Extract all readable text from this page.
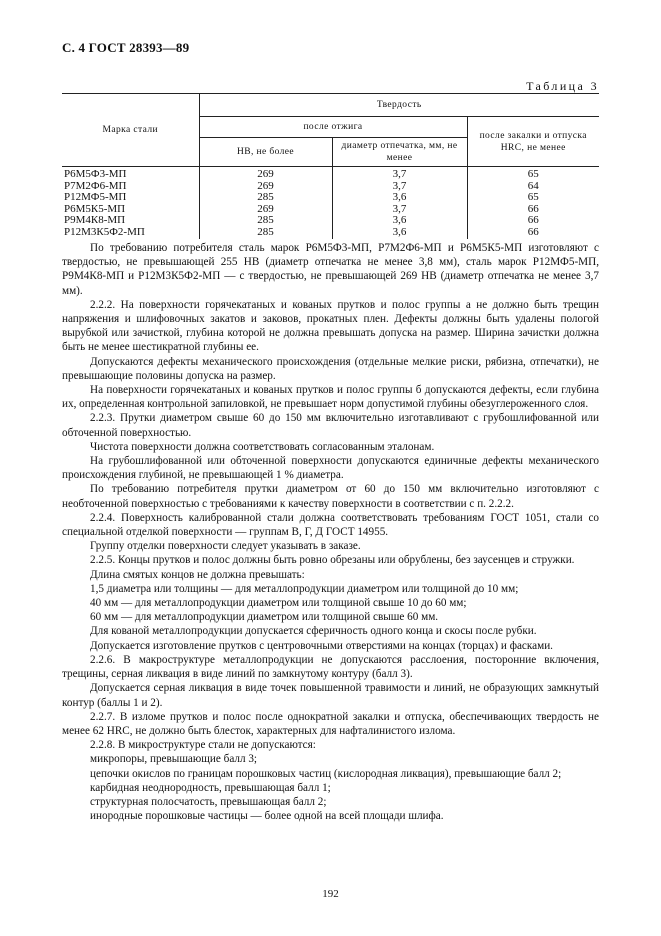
С. 4 ГОСТ 28393—89
Таблица 3
Марка стали	Твердость		
	после отжига		после закалки и отпуска HRC, не менее
	HB, не более	диаметр отпечатка, мм, не менее	
Р6М5Ф3-МП	269	3,7	65
Р7М2Ф6-МП	269	3,7	64
Р12МФ5-МП	285	3,6	65
Р6М5К5-МП	269	3,7	66
Р9М4К8-МП	285	3,6	66
Р12М3К5Ф2-МП	285	3,6	66

По требованию потребителя сталь марок Р6М5Ф3-МП, Р7М2Ф6-МП и Р6М5К5-МП изготовляют с твердостью, не превышающей 255 НВ (диаметр отпечатка не менее 3,8 мм), сталь марок Р12МФ5-МП, Р9М4К8-МП и Р12М3К5Ф2-МП — с твердостью, не превышающей 269 НВ (диаметр отпечатка не менее 3,7 мм).

2.2.2. На поверхности горячекатаных и кованых прутков и полос группы а не должно быть трещин напряжения и шлифовочных закатов и заковов, прокатных плен. Дефекты должны быть удалены пологой вырубкой или зачисткой, глубина которой не должна превышать допуска на размер. Ширина зачистки должна быть не менее шестикратной глубины ее.

Допускаются дефекты механического происхождения (отдельные мелкие риски, рябизна, отпечатки), не превышающие половины допуска на размер.

На поверхности горячекатаных и кованых прутков и полос группы б допускаются дефекты, если глубина их, определенная контрольной запиловкой, не превышает норм допустимой глубины обезуглероженного слоя.

2.2.3. Прутки диаметром свыше 60 до 150 мм включительно изготавливают с грубошлифованной или обточенной поверхностью.

Чистота поверхности должна соответствовать согласованным эталонам.

На грубошлифованной или обточенной поверхности допускаются единичные дефекты механического происхождения глубиной, не превышающей 1 % диаметра.

По требованию потребителя прутки диаметром от 60 до 150 мм включительно изготовляют с необточенной поверхностью с требованиями к качеству поверхности в соответствии с п. 2.2.2.

2.2.4. Поверхность калиброванной стали должна соответствовать требованиям ГОСТ 1051, стали со специальной отделкой поверхности — группам В, Г, Д ГОСТ 14955.

Группу отделки поверхности следует указывать в заказе.

2.2.5. Концы прутков и полос должны быть ровно обрезаны или обрублены, без заусенцев и стружки.

Длина смятых концов не должна превышать:

1,5 диаметра или толщины — для металлопродукции диаметром или толщиной до 10 мм;

40 мм — для металлопродукции диаметром или толщиной свыше 10 до 60 мм;

60 мм — для металлопродукции диаметром или толщиной свыше 60 мм.

Для кованой металлопродукции допускается сферичность одного конца и скосы после рубки.

Допускается изготовление прутков с центровочными отверстиями на концах (торцах) и фасками.

2.2.6. В макроструктуре металлопродукции не допускаются расслоения, посторонние включения, трещины, серная ликвация в виде линий по замкнутому контуру (балл 3).

Допускается серная ликвация в виде точек повышенной травимости и линий, не образующих замкнутый контур (баллы 1 и 2).

2.2.7. В изломе прутков и полос после однократной закалки и отпуска, обеспечивающих твердость не менее 62 HRC, не должно быть блесток, характерных для нафталинистого излома.

2.2.8. В микроструктуре стали не допускаются:

микропоры, превышающие балл 3;

цепочки окислов по границам порошковых частиц (кислородная ликвация), превышающие балл 2;

карбидная неоднородность, превышающая балл 1;

структурная полосчатость, превышающая балл 2;

инородные порошковые частицы — более одной на всей площади шлифа.

192
